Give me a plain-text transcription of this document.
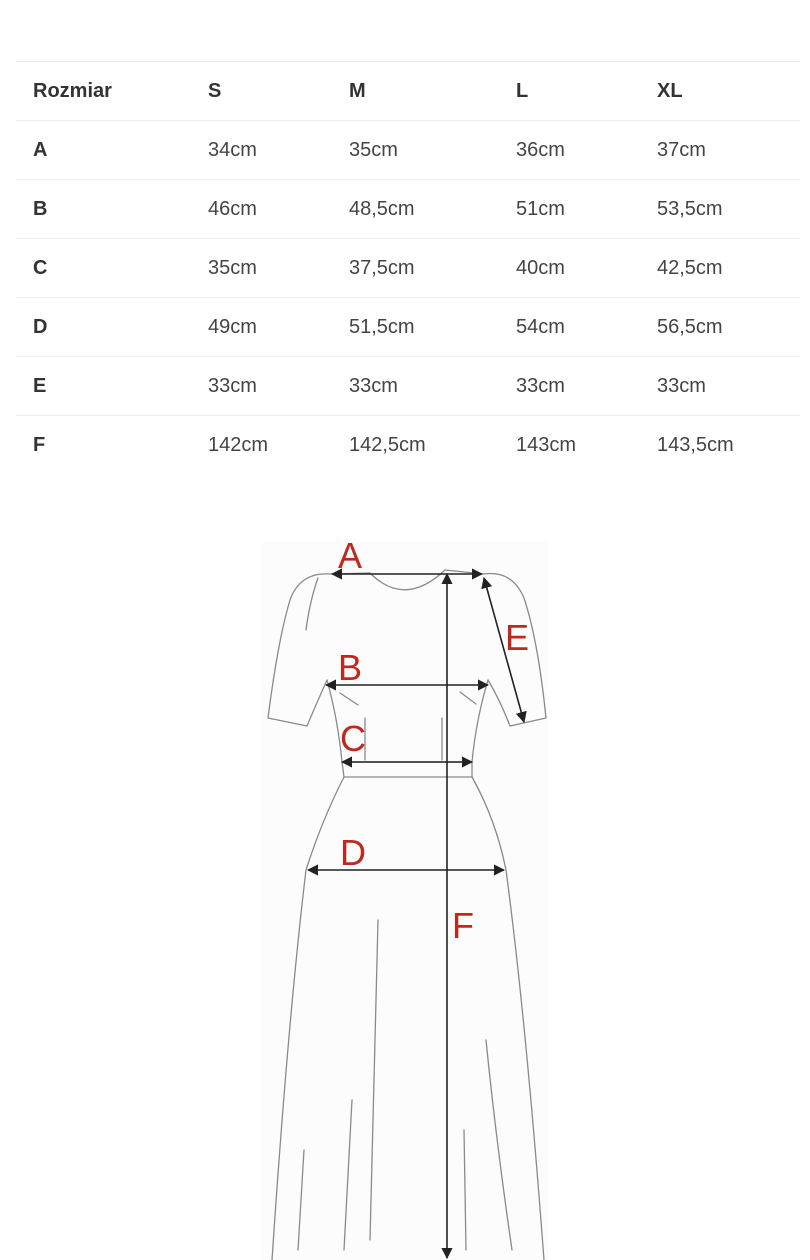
Rozmiar	S	M	L	XL
A	34cm	35cm	36cm	37cm
B	46cm	48,5cm	51cm	53,5cm
C	35cm	37,5cm	40cm	42,5cm
D	49cm	51,5cm	54cm	56,5cm
E	33cm	33cm	33cm	33cm
F	142cm	142,5cm	143cm	143,5cm
A
E
B
C
D
F
